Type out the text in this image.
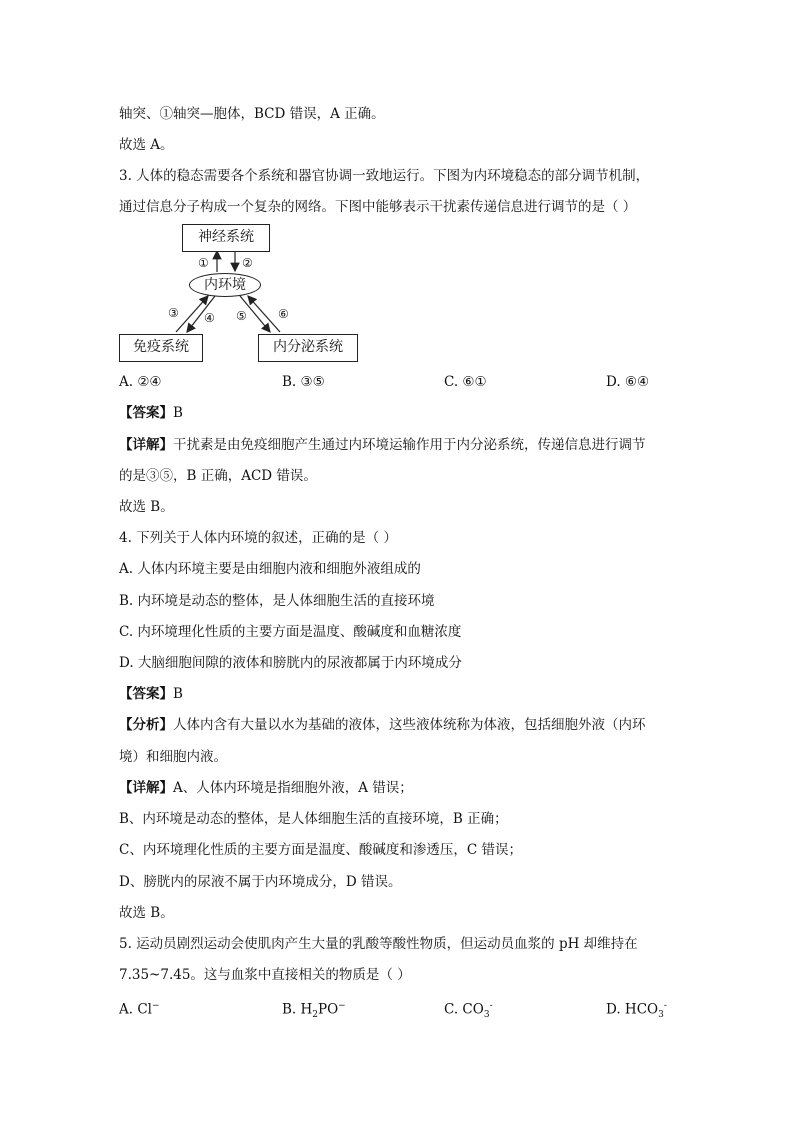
轴突、①轴突—胞体，BCD 错误，A 正确。
故选 A。
3. 人体的稳态需要各个系统和器官协调一致地运行。下图为内环境稳态的部分调节机制，
通过信息分子构成一个复杂的网络。下图中能够表示干扰素传递信息进行调节的是（ ）
神经系统
内环境
免疫系统	内分泌系统
①	②
③ ④ ⑤	⑥
A. ②④	B. ③⑤	C. ⑥①	D. ⑥④
【答案】B
【详解】干扰素是由免疫细胞产生通过内环境运输作用于内分泌系统，传递信息进行调节
的是③⑤，B 正确，ACD 错误。
故选 B。
4. 下列关于人体内环境的叙述，正确的是（ ）
A. 人体内环境主要是由细胞内液和细胞外液组成的
B. 内环境是动态的整体，是人体细胞生活的直接环境
C. 内环境理化性质的主要方面是温度、酸碱度和血糖浓度
D. 大脑细胞间隙的液体和膀胱内的尿液都属于内环境成分
【答案】B
【分析】人体内含有大量以水为基础的液体，这些液体统称为体液，包括细胞外液（内环
境）和细胞内液。
【详解】A、人体内环境是指细胞外液，A 错误；
B、内环境是动态的整体，是人体细胞生活的直接环境，B 正确；
C、内环境理化性质的主要方面是温度、酸碱度和渗透压，C 错误；
D、膀胱内的尿液不属于内环境成分，D 错误。
故选 B。
5. 运动员剧烈运动会使肌肉产生大量的乳酸等酸性物质，但运动员血浆的 pH 却维持在
7.35~7.45。这与血浆中直接相关的物质是（ ）
A. Cl−	B. $H_2PO^-$	C. $CO_3^-$	D. $HCO_3^-$
